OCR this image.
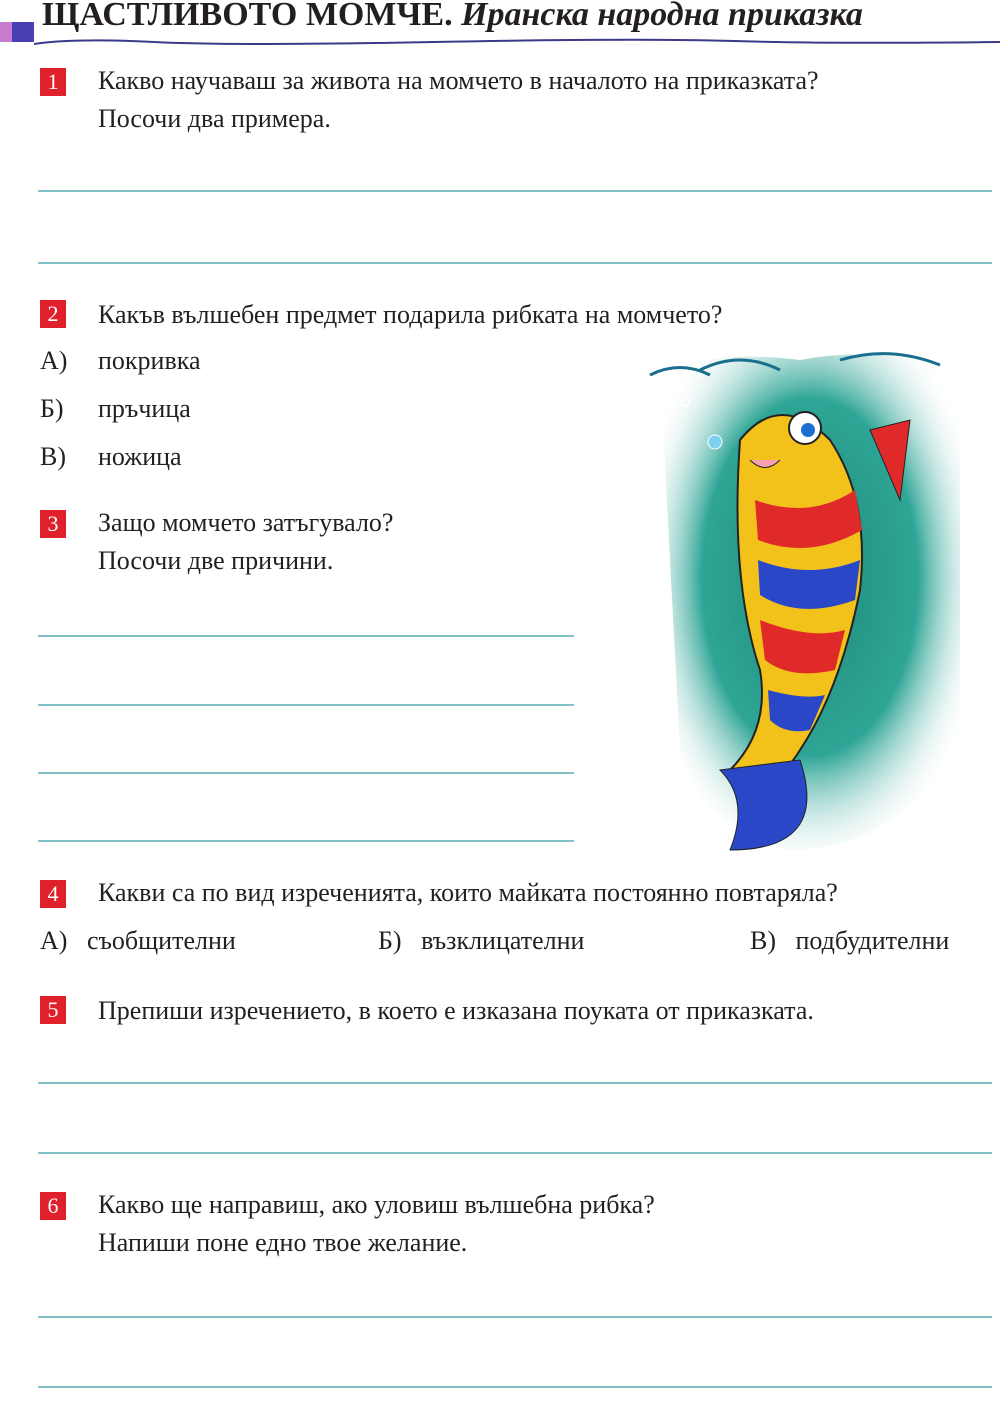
ЩАСТЛИВОТО МОМЧЕ. Иранска народна приказка
1 Какво научаваш за живота на момчето в началото на приказката?
Посочи два примера.
2 Какъв вълшебен предмет подарила рибката на момчето?
А) покривка
Б) пръчица
В) ножица
3 Защо момчето затъгувало?
Посочи две причини.
4 Какви са по вид изреченията, които майката постоянно повтаряла?
А) съобщителни	Б) възклицателни	В) подбудителни
5 Препиши изречението, в което е изказана поуката от приказката.
6 Какво ще направиш, ако уловиш вълшебна рибка?
Напиши поне едно твое желание.
